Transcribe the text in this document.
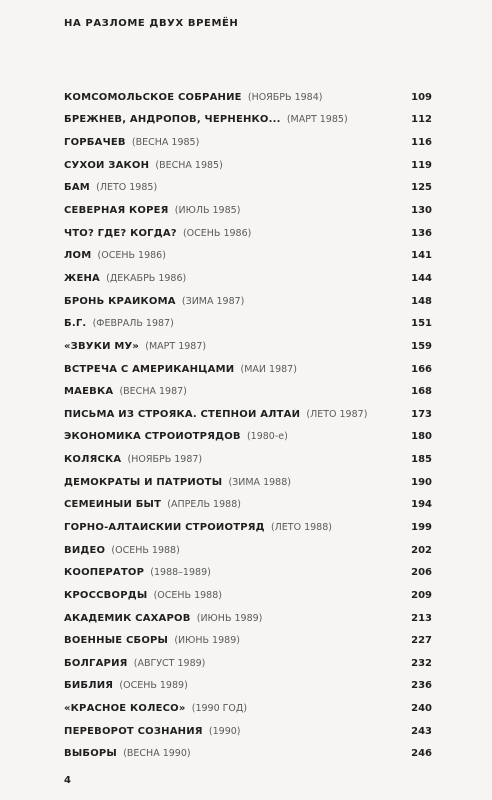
НА РАЗЛОМЕ ДВУХ ВРЕМЁН
КОМСОМОЛЬСКОЕ СОБРАНИЕ (НОЯБРЬ 1984)	109
БРЕЖНЕВ, АНДРОПОВ, ЧЕРНЕНКО... (МАРТ 1985)	112
ГОРБАЧЁВ (ВЕСНА 1985)	116
СУХОЙ ЗАКОН (ВЕСНА 1985)	119
БАМ (ЛЕТО 1985)	125
СЕВЕРНАЯ КОРЕЯ (ИЮЛЬ 1985)	130
ЧТО? ГДЕ? КОГДА? (ОСЕНЬ 1986)	136
ЛОМ (ОСЕНЬ 1986)	141
ЖЕНА (ДЕКАБРЬ 1986)	144
БРОНЬ КРАЙКОМА (ЗИМА 1987)	148
Б.Г. (ФЕВРАЛЬ 1987)	151
«ЗВУКИ МУ» (МАРТ 1987)	159
ВСТРЕЧА С АМЕРИКАНЦАМИ (МАЙ 1987)	166
МАЕВКА (ВЕСНА 1987)	168
ПИСЬМА ИЗ СТРОЯКА. СТЕПНОЙ АЛТАЙ (ЛЕТО 1987)	173
ЭКОНОМИКА СТРОЙОТРЯДОВ (1980-е)	180
КОЛЯСКА (НОЯБРЬ 1987)	185
ДЕМОКРАТЫ И ПАТРИОТЫ (ЗИМА 1988)	190
СЕМЕЙНЫЙ БЫТ (АПРЕЛЬ 1988)	194
ГОРНО-АЛТАЙСКИЙ СТРОЙОТРЯД (ЛЕТО 1988)	199
ВИДЕО (ОСЕНЬ 1988)	202
КООПЕРАТОР (1988–1989)	206
КРОССВОРДЫ (ОСЕНЬ 1988)	209
АКАДЕМИК САХАРОВ (ИЮНЬ 1989)	213
ВОЕННЫЕ СБОРЫ (ИЮНЬ 1989)	227
БОЛГАРИЯ (АВГУСТ 1989)	232
БИБЛИЯ (ОСЕНЬ 1989)	236
«КРАСНОЕ КОЛЕСО» (1990 ГОД)	240
ПЕРЕВОРОТ СОЗНАНИЯ (1990)	243
ВЫБОРЫ (ВЕСНА 1990)	246
4
